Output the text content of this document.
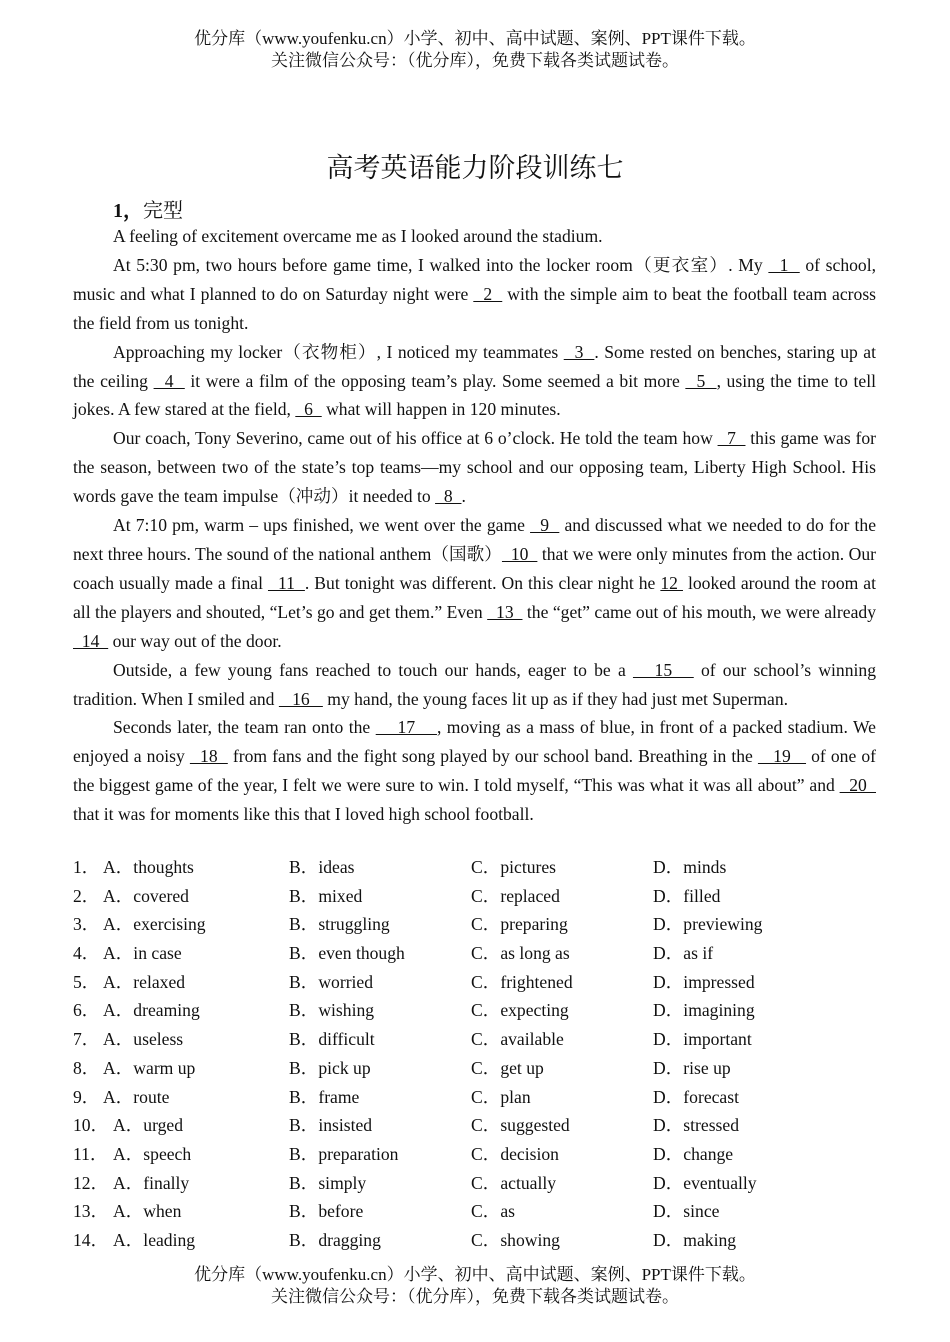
优分库（www.youfenku.cn）小学、初中、高中试题、案例、PPT课件下载。
关注微信公众号：（优分库），免费下载各类试题试卷。
高考英语能力阶段训练七
1，完型

A feeling of excitement overcame me as I looked around the stadium.

At 5:30 pm, two hours before game time, I walked into the locker room（更衣室）. My   1   of school, music and what I planned to do on Saturday night were   2   with the simple aim to beat the football team across the field from us tonight.

Approaching my locker（衣物柜）, I noticed my teammates   3  . Some rested on benches, staring up at the ceiling   4   it were a film of the opposing team’s play. Some seemed a bit more   5  , using the time to tell jokes. A few stared at the field,   6   what will happen in 120 minutes.

Our coach, Tony Severino, came out of his office at 6 o’clock. He told the team how   7   this game was for the season, between two of the state’s top teams—my school and our opposing team, Liberty High School. His words gave the team impulse（冲动）it needed to   8  .

At 7:10 pm, warm – ups finished, we went over the game   9   and discussed what we needed to do for the next three hours. The sound of the national anthem（国歌）  10   that we were only minutes from the action. Our coach usually made a final   11  . But tonight was different. On this clear night he 12  looked around the room at all the players and shouted, “Let’s go and get them.” Even   13   the “get” came out of his mouth, we were already   14   our way out of the door.

Outside, a few young fans reached to touch our hands, eager to be a    15    of our school’s winning tradition. When I smiled and    16    my hand, the young faces lit up as if they had just met Superman.

Seconds later, the team ran onto the     17    , moving as a mass of blue, in front of a packed stadium. We enjoyed a noisy   18   from fans and the fight song played by our school band. Breathing in the    19    of one of the biggest game of the year, I felt we were sure to win. I told myself, “This was what it was all about” and   20   that it was for moments like this that I loved high school football.

1． A．thoughts	B．ideas	C．pictures	D．minds
2． A．covered	B．mixed	C．replaced	D．filled
3． A．exercising	B．struggling	C．preparing	D．previewing
4． A．in case	B．even though	C．as long as	D．as if
5． A．relaxed	B．worried	C．frightened	D．impressed
6． A．dreaming	B．wishing	C．expecting	D．imagining
7． A．useless	B．difficult	C．available	D．important
8． A．warm up	B．pick up	C．get up	D．rise up
9． A．route	B．frame	C．plan	D．forecast
10． A．urged	B．insisted	C．suggested	D．stressed
11． A．speech	B．preparation	C．decision	D．change
12． A．finally	B．simply	C．actually	D．eventually
13． A．when	B．before	C．as	D．since
14． A．leading	B．dragging	C．showing	D．making
优分库（www.youfenku.cn）小学、初中、高中试题、案例、PPT课件下载。
关注微信公众号：（优分库），免费下载各类试题试卷。
